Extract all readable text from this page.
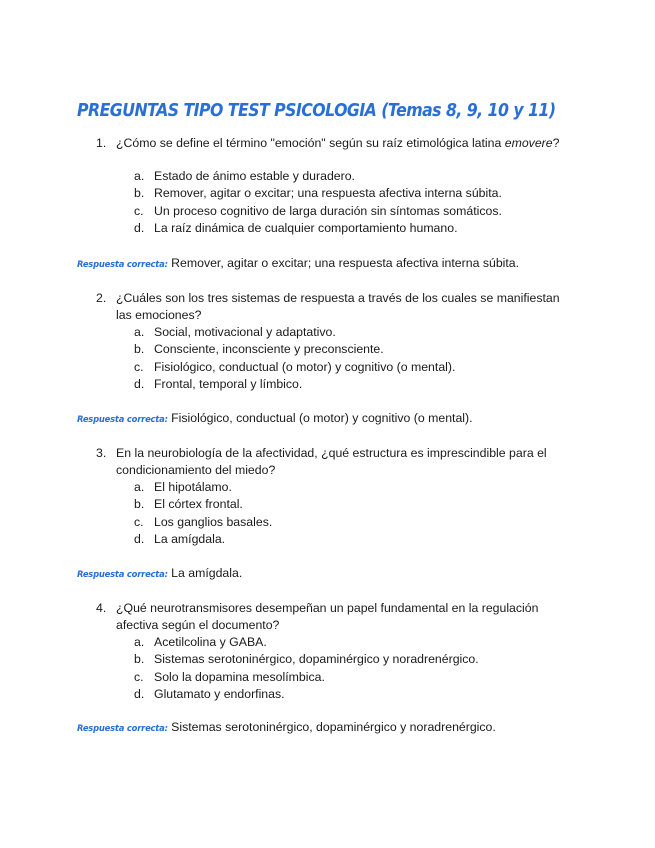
PREGUNTAS TIPO TEST PSICOLOGIA (Temas 8, 9, 10 y 11)
1. ¿Cómo se define el término "emoción" según su raíz etimológica latina emovere?
a. Estado de ánimo estable y duradero.
b. Remover, agitar o excitar; una respuesta afectiva interna súbita.
c. Un proceso cognitivo de larga duración sin síntomas somáticos.
d. La raíz dinámica de cualquier comportamiento humano.
Respuesta correcta: Remover, agitar o excitar; una respuesta afectiva interna súbita.
2. ¿Cuáles son los tres sistemas de respuesta a través de los cuales se manifiestan las emociones?
a. Social, motivacional y adaptativo.
b. Consciente, inconsciente y preconsciente.
c. Fisiológico, conductual (o motor) y cognitivo (o mental).
d. Frontal, temporal y límbico.
Respuesta correcta: Fisiológico, conductual (o motor) y cognitivo (o mental).
3. En la neurobiología de la afectividad, ¿qué estructura es imprescindible para el condicionamiento del miedo?
a. El hipotálamo.
b. El córtex frontal.
c. Los ganglios basales.
d. La amígdala.
Respuesta correcta: La amígdala.
4. ¿Qué neurotransmisores desempeñan un papel fundamental en la regulación afectiva según el documento?
a. Acetilcolina y GABA.
b. Sistemas serotoninérgico, dopaminérgico y noradrenérgico.
c. Solo la dopamina mesolímbica.
d. Glutamato y endorfinas.
Respuesta correcta: Sistemas serotoninérgico, dopaminérgico y noradrenérgico.
